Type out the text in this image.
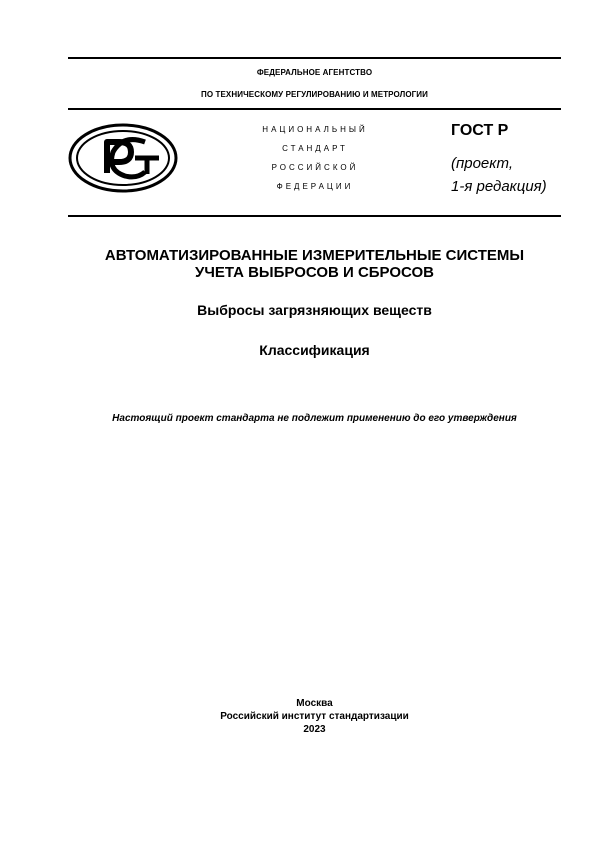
ФЕДЕРАЛЬНОЕ АГЕНТСТВО
ПО ТЕХНИЧЕСКОМУ РЕГУЛИРОВАНИЮ И МЕТРОЛОГИИ
НАЦИОНАЛЬНЫЙ
СТАНДАРТ
РОССИЙСКОЙ
ФЕДЕРАЦИИ
ГОСТ Р
(проект,
1-я редакция)
АВТОМАТИЗИРОВАННЫЕ ИЗМЕРИТЕЛЬНЫЕ СИСТЕМЫ
УЧЕТА ВЫБРОСОВ И СБРОСОВ
Выбросы загрязняющих веществ
Классификация
Настоящий проект стандарта не подлежит применению до его утверждения
Москва
Российский институт стандартизации
2023
